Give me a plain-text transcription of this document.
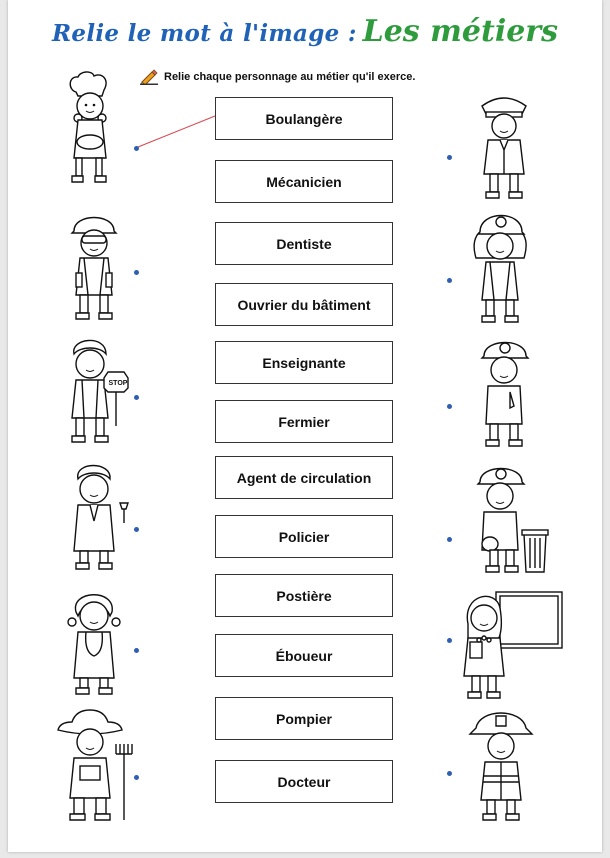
Relie le mot à l'image : Les métiers
Relie chaque personnage au métier qu'il exerce.
Boulangère
Mécanicien
Dentiste
Ouvrier du bâtiment
Enseignante
Fermier
Agent de circulation
Policier
Postière
Éboueur
Pompier
Docteur
STOP
